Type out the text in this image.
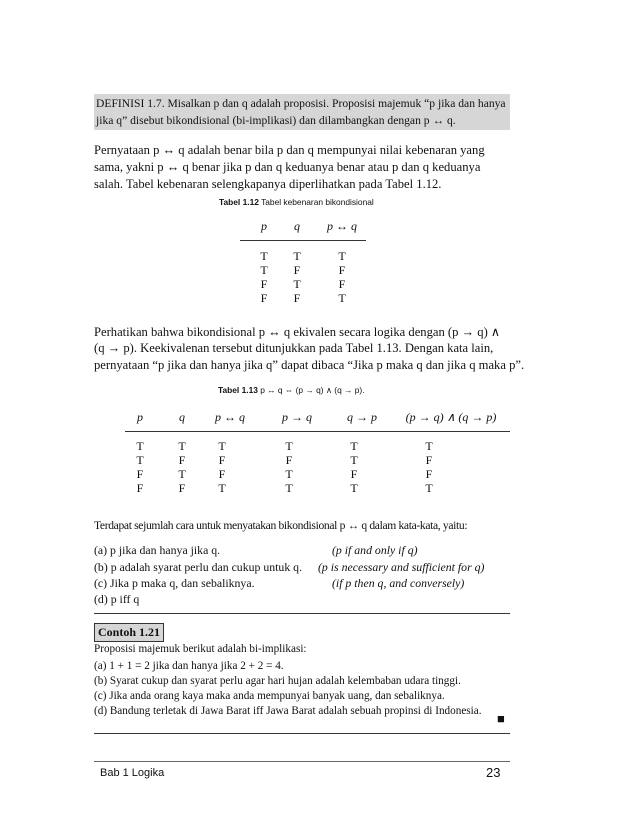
DEFINISI 1.7. Misalkan p dan q adalah proposisi. Proposisi majemuk “p jika dan hanya
jika q” disebut bikondisional (bi-implikasi) dan dilambangkan dengan p ↔ q.
Pernyataan p ↔ q adalah benar bila p dan q mempunyai nilai kebenaran yang
sama, yakni p ↔ q benar jika p dan q keduanya benar atau p dan q keduanya
salah. Tabel kebenaran selengkapanya diperlihatkan pada Tabel 1.12.
Tabel 1.12 Tabel kebenaran bikondisional
p	q	p ↔ q
T	T	T
T	F	F
F	T	F
F	F	T
Perhatikan bahwa bikondisional p ↔ q ekivalen secara logika dengan (p → q) ∧
(q → p). Keekivalenan tersebut ditunjukkan pada Tabel 1.13. Dengan kata lain,
pernyataan “p jika dan hanya jika q” dapat dibaca “Jika p maka q dan jika q maka p”.
Tabel 1.13 p ↔ q ⇔ (p → q) ∧ (q → p).
p	q	p ↔ q	p → q	q → p	(p → q) ∧ (q → p)
T	T	T	T	T	T
T	F	F	F	T	F
F	T	F	T	F	F
F	F	T	T	T	T
Terdapat sejumlah cara untuk menyatakan bikondisional p ↔ q dalam kata-kata, yaitu:
(a) p jika dan hanya jika q.	(p if and only if q)
(b) p adalah syarat perlu dan cukup untuk q. (p is necessary and sufficient for q)
(c) Jika p maka q, dan sebaliknya.	(if p then q, and conversely)
(d) p iff q
Contoh 1.21
Proposisi majemuk berikut adalah bi-implikasi:
(a) 1 + 1 = 2 jika dan hanya jika 2 + 2 = 4.
(b) Syarat cukup dan syarat perlu agar hari hujan adalah kelembaban udara tinggi.
(c) Jika anda orang kaya maka anda mempunyai banyak uang, dan sebaliknya.
(d) Bandung terletak di Jawa Barat iff Jawa Barat adalah sebuah propinsi di Indonesia. ■
Bab 1 Logika	23
